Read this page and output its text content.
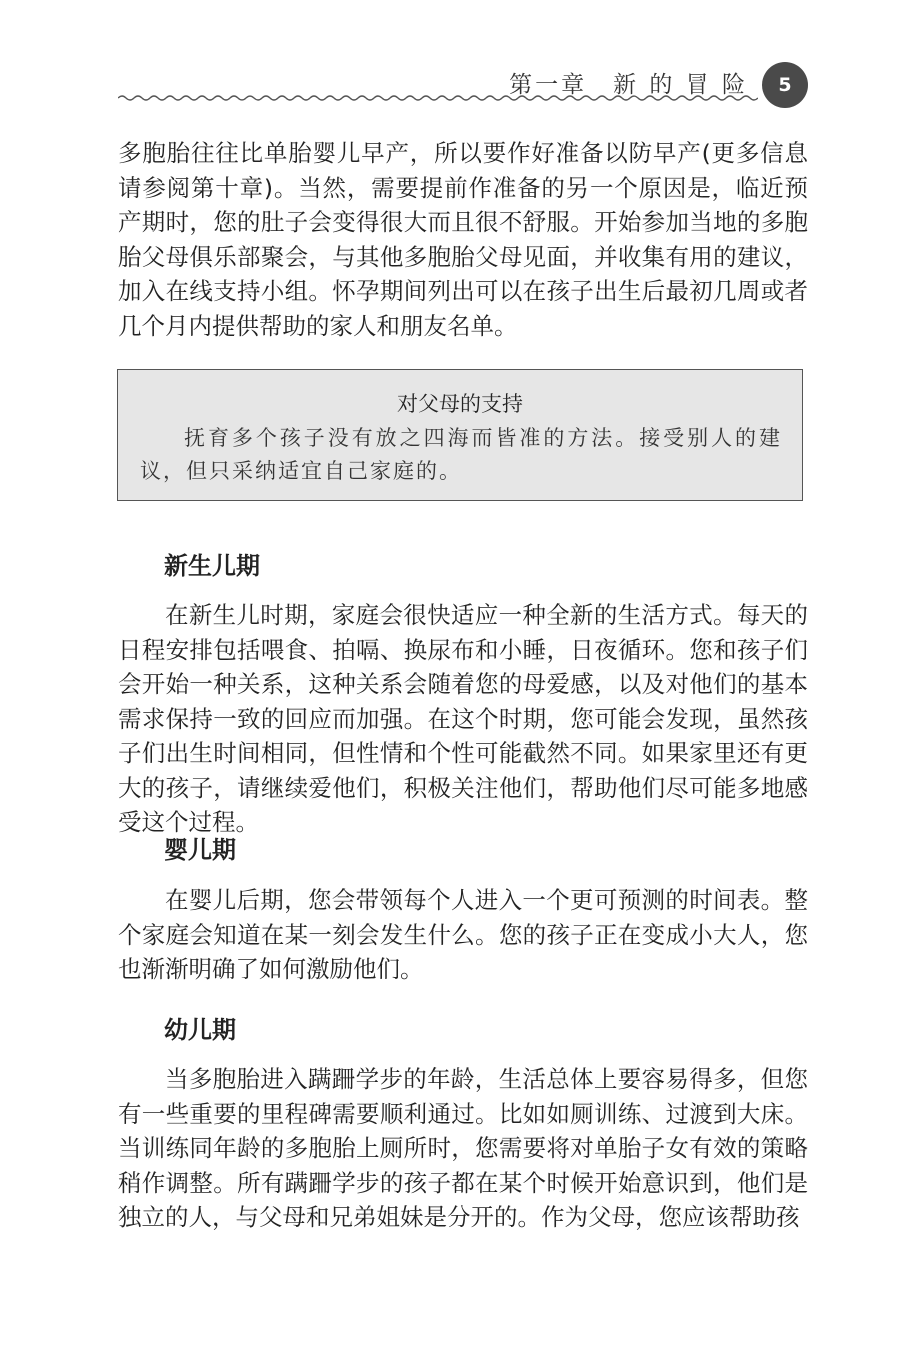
第一章　新 的 冒 险	5

多胞胎往往比单胎婴儿早产，所以要作好准备以防早产(更多信息请参阅第十章)。当然，需要提前作准备的另一个原因是，临近预产期时，您的肚子会变得很大而且很不舒服。开始参加当地的多胞胎父母俱乐部聚会，与其他多胞胎父母见面，并收集有用的建议，加入在线支持小组。怀孕期间列出可以在孩子出生后最初几周或者几个月内提供帮助的家人和朋友名单。

对父母的支持

抚育多个孩子没有放之四海而皆准的方法。接受别人的建议，但只采纳适宜自己家庭的。

新生儿期

在新生儿时期，家庭会很快适应一种全新的生活方式。每天的日程安排包括喂食、拍嗝、换尿布和小睡，日夜循环。您和孩子们会开始一种关系，这种关系会随着您的母爱感，以及对他们的基本需求保持一致的回应而加强。在这个时期，您可能会发现，虽然孩子们出生时间相同，但性情和个性可能截然不同。如果家里还有更大的孩子，请继续爱他们，积极关注他们，帮助他们尽可能多地感受这个过程。

婴儿期

在婴儿后期，您会带领每个人进入一个更可预测的时间表。整个家庭会知道在某一刻会发生什么。您的孩子正在变成小大人，您也渐渐明确了如何激励他们。

幼儿期

当多胞胎进入蹒跚学步的年龄，生活总体上要容易得多，但您有一些重要的里程碑需要顺利通过。比如如厕训练、过渡到大床。当训练同年龄的多胞胎上厕所时，您需要将对单胎子女有效的策略稍作调整。所有蹒跚学步的孩子都在某个时候开始意识到，他们是独立的人，与父母和兄弟姐妹是分开的。作为父母，您应该帮助孩
